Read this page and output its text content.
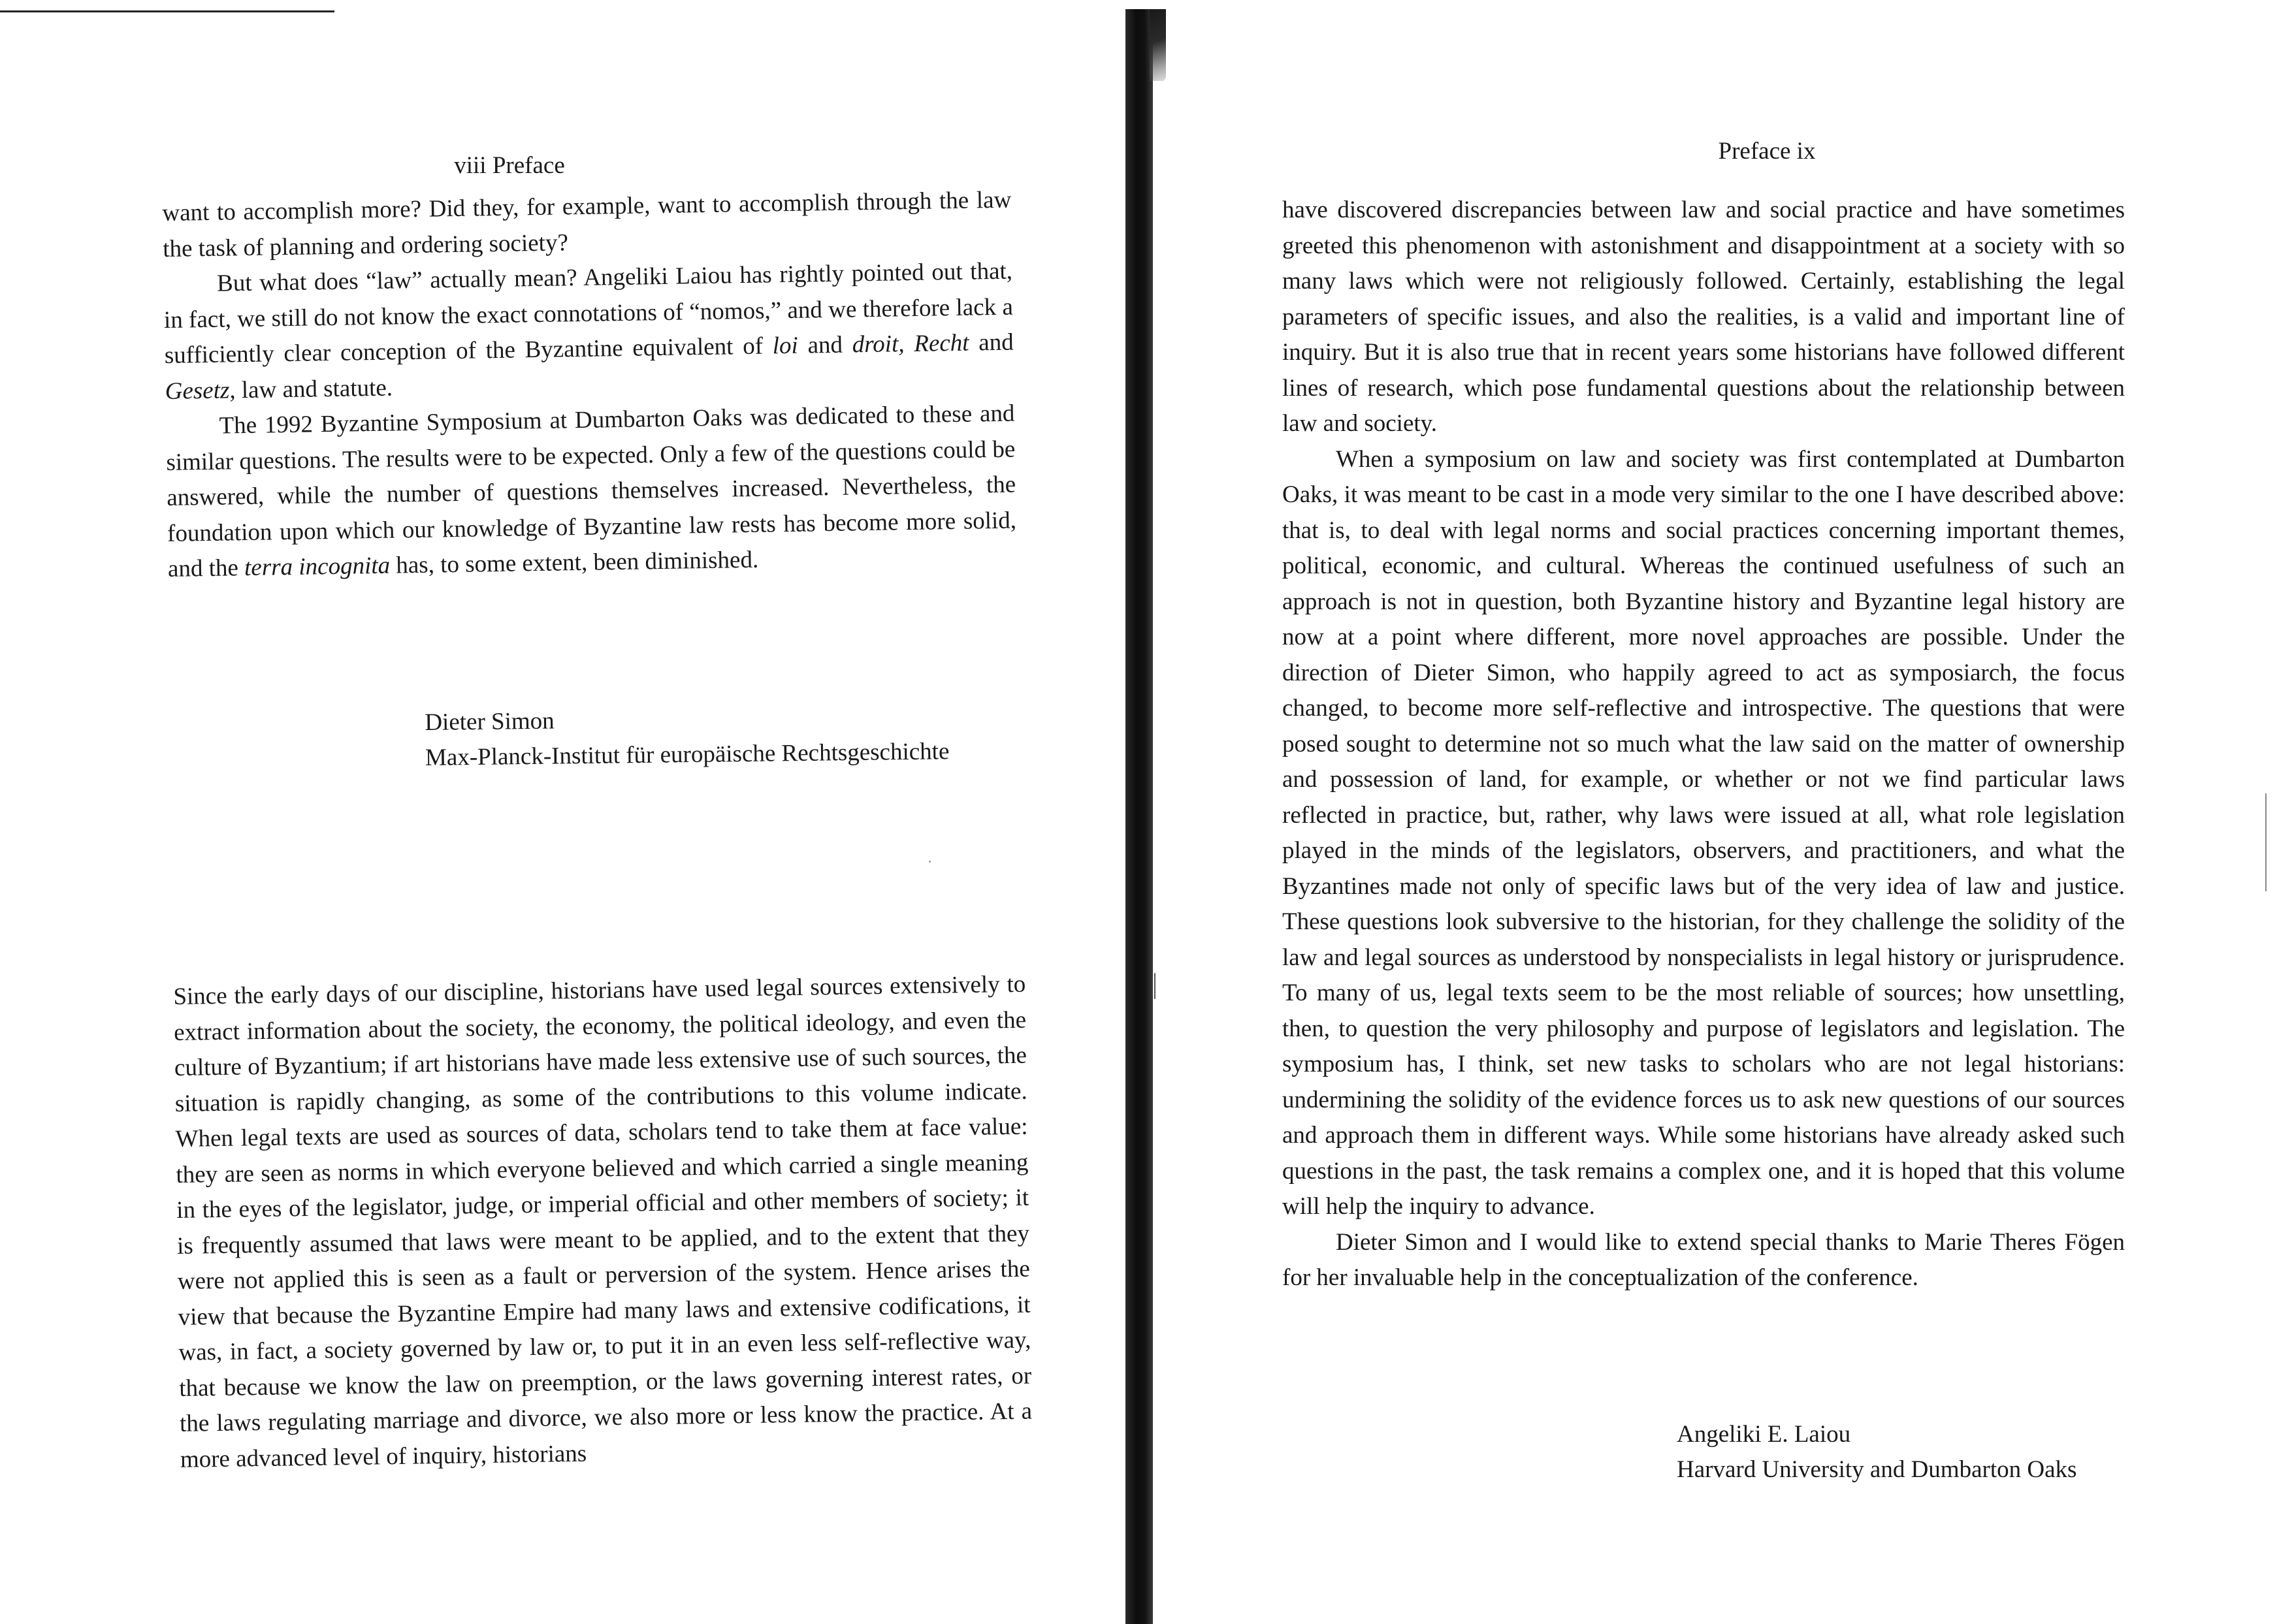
viii Preface

want to accomplish more? Did they, for example, want to accomplish through the law the task of planning and ordering society?

But what does “law” actually mean? Angeliki Laiou has rightly pointed out that, in fact, we still do not know the exact connotations of “nomos,” and we therefore lack a sufficiently clear conception of the Byzantine equivalent of loi and droit, Recht and Gesetz, law and statute.

The 1992 Byzantine Symposium at Dumbarton Oaks was dedicated to these and similar questions. The results were to be expected. Only a few of the questions could be answered, while the number of questions themselves increased. Nevertheless, the foundation upon which our knowledge of Byzantine law rests has become more solid, and the terra incognita has, to some extent, been diminished.

Dieter Simon
Max-Planck-Institut für europäische Rechtsgeschichte

Since the early days of our discipline, historians have used legal sources extensively to extract information about the society, the economy, the political ideology, and even the culture of Byzantium; if art historians have made less extensive use of such sources, the situation is rapidly changing, as some of the contributions to this volume indicate. When legal texts are used as sources of data, scholars tend to take them at face value: they are seen as norms in which everyone believed and which carried a single meaning in the eyes of the legislator, judge, or imperial official and other members of society; it is frequently assumed that laws were meant to be applied, and to the extent that they were not applied this is seen as a fault or perversion of the system. Hence arises the view that because the Byzantine Empire had many laws and extensive codifications, it was, in fact, a society governed by law or, to put it in an even less self-reflective way, that because we know the law on preemption, or the laws governing interest rates, or the laws regulating marriage and divorce, we also more or less know the practice. At a more advanced level of inquiry, historians

Preface ix

have discovered discrepancies between law and social practice and have sometimes greeted this phenomenon with astonishment and disappointment at a society with so many laws which were not religiously followed. Certainly, establishing the legal parameters of specific issues, and also the realities, is a valid and important line of inquiry. But it is also true that in recent years some historians have followed different lines of research, which pose fundamental questions about the relationship between law and society.

When a symposium on law and society was first contemplated at Dumbarton Oaks, it was meant to be cast in a mode very similar to the one I have described above: that is, to deal with legal norms and social practices concerning important themes, political, economic, and cultural. Whereas the continued usefulness of such an approach is not in question, both Byzantine history and Byzantine legal history are now at a point where different, more novel approaches are possible. Under the direction of Dieter Simon, who happily agreed to act as symposiarch, the focus changed, to become more self-reflective and introspective. The questions that were posed sought to determine not so much what the law said on the matter of ownership and possession of land, for example, or whether or not we find particular laws reflected in practice, but, rather, why laws were issued at all, what role legislation played in the minds of the legislators, observers, and practitioners, and what the Byzantines made not only of specific laws but of the very idea of law and justice. These questions look subversive to the historian, for they challenge the solidity of the law and legal sources as understood by nonspecialists in legal history or jurisprudence. To many of us, legal texts seem to be the most reliable of sources; how unsettling, then, to question the very philosophy and purpose of legislators and legislation. The symposium has, I think, set new tasks to scholars who are not legal historians: undermining the solidity of the evidence forces us to ask new questions of our sources and approach them in different ways. While some historians have already asked such questions in the past, the task remains a complex one, and it is hoped that this volume will help the inquiry to advance.

Dieter Simon and I would like to extend special thanks to Marie Theres Fögen for her invaluable help in the conceptualization of the conference.

Angeliki E. Laiou
Harvard University and Dumbarton Oaks
